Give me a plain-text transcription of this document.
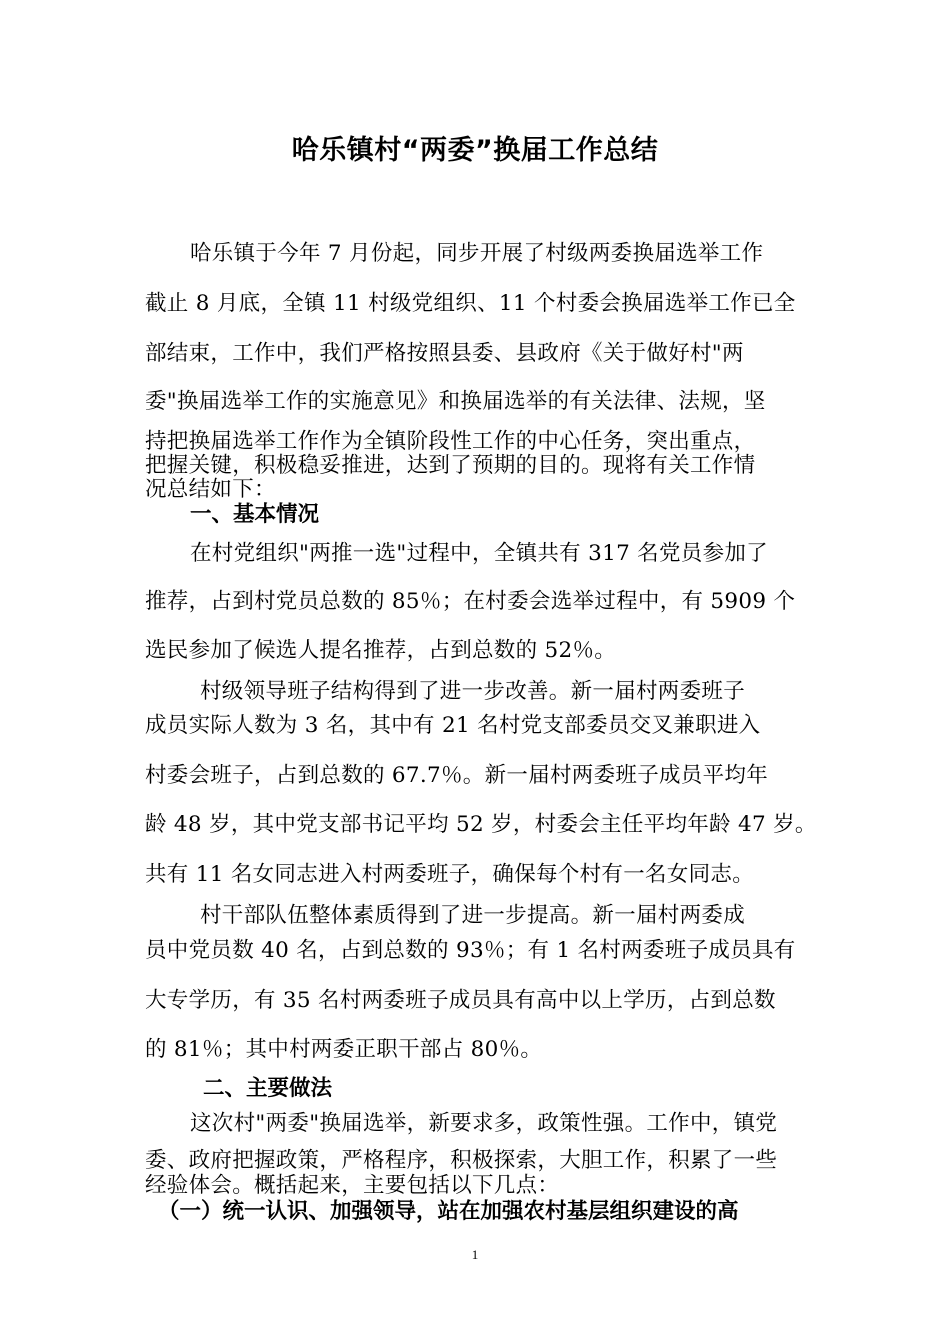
哈乐镇村“两委”换届工作总结
哈乐镇于今年 7 月份起，同步开展了村级两委换届选举工作
截止 8 月底，全镇 11 村级党组织、11 个村委会换届选举工作已全
部结束，工作中，我们严格按照县委、县政府《关于做好村"两
委"换届选举工作的实施意见》和换届选举的有关法律、法规，坚
持把换届选举工作作为全镇阶段性工作的中心任务，突出重点，
把握关键，积极稳妥推进，达到了预期的目的。现将有关工作情
况总结如下：
一、基本情况
在村党组织"两推一选"过程中，全镇共有 317 名党员参加了
推荐，占到村党员总数的 85％；在村委会选举过程中，有 5909 个
选民参加了候选人提名推荐，占到总数的 52％。
村级领导班子结构得到了进一步改善。新一届村两委班子
成员实际人数为 3 名，其中有 21 名村党支部委员交叉兼职进入
村委会班子，占到总数的 67.7％。新一届村两委班子成员平均年
龄 48 岁，其中党支部书记平均 52 岁，村委会主任平均年龄 47 岁。
共有 11 名女同志进入村两委班子，确保每个村有一名女同志。
村干部队伍整体素质得到了进一步提高。新一届村两委成
员中党员数 40 名，占到总数的 93％；有 1 名村两委班子成员具有
大专学历，有 35 名村两委班子成员具有高中以上学历，占到总数
的 81％；其中村两委正职干部占 80％。
二、主要做法
这次村"两委"换届选举，新要求多，政策性强。工作中，镇党
委、政府把握政策，严格程序，积极探索，大胆工作，积累了一些
经验体会。概括起来，主要包括以下几点：
（一）统一认识、加强领导，站在加强农村基层组织建设的高
1
